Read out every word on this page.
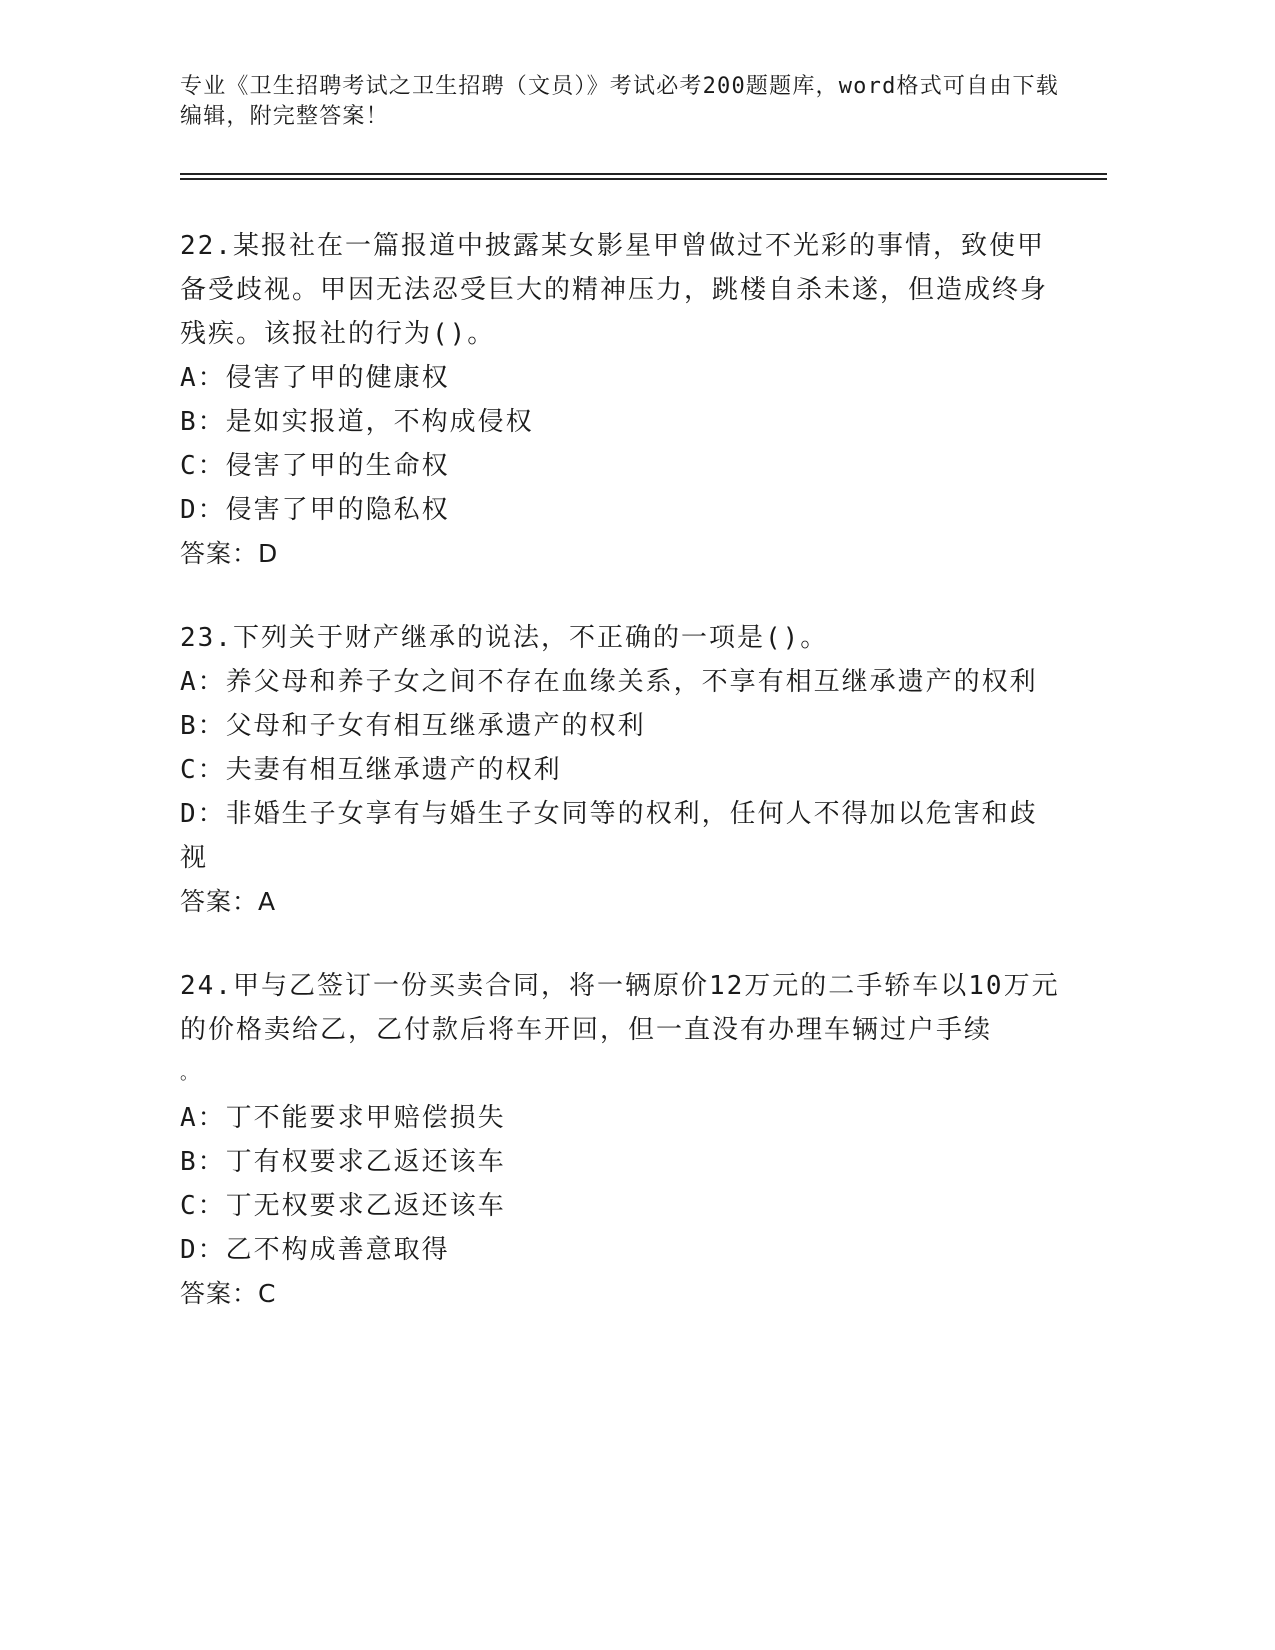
专业《卫生招聘考试之卫生招聘（文员）》考试必考200题题库，word格式可自由下载编辑，附完整答案！

22.某报社在一篇报道中披露某女影星甲曾做过不光彩的事情，致使甲备受歧视。甲因无法忍受巨大的精神压力，跳楼自杀未遂，但造成终身残疾。该报社的行为()。

A：侵害了甲的健康权

B：是如实报道，不构成侵权

C：侵害了甲的生命权

D：侵害了甲的隐私权

答案：D

23.下列关于财产继承的说法，不正确的一项是()。

A：养父母和养子女之间不存在血缘关系，不享有相互继承遗产的权利

B：父母和子女有相互继承遗产的权利

C：夫妻有相互继承遗产的权利

D：非婚生子女享有与婚生子女同等的权利，任何人不得加以危害和歧视

答案：A

24.甲与乙签订一份买卖合同，将一辆原价12万元的二手轿车以10万元的价格卖给乙，乙付款后将车开回，但一直没有办理车辆过户手续

。

A：丁不能要求甲赔偿损失

B：丁有权要求乙返还该车

C：丁无权要求乙返还该车

D：乙不构成善意取得

答案：C
